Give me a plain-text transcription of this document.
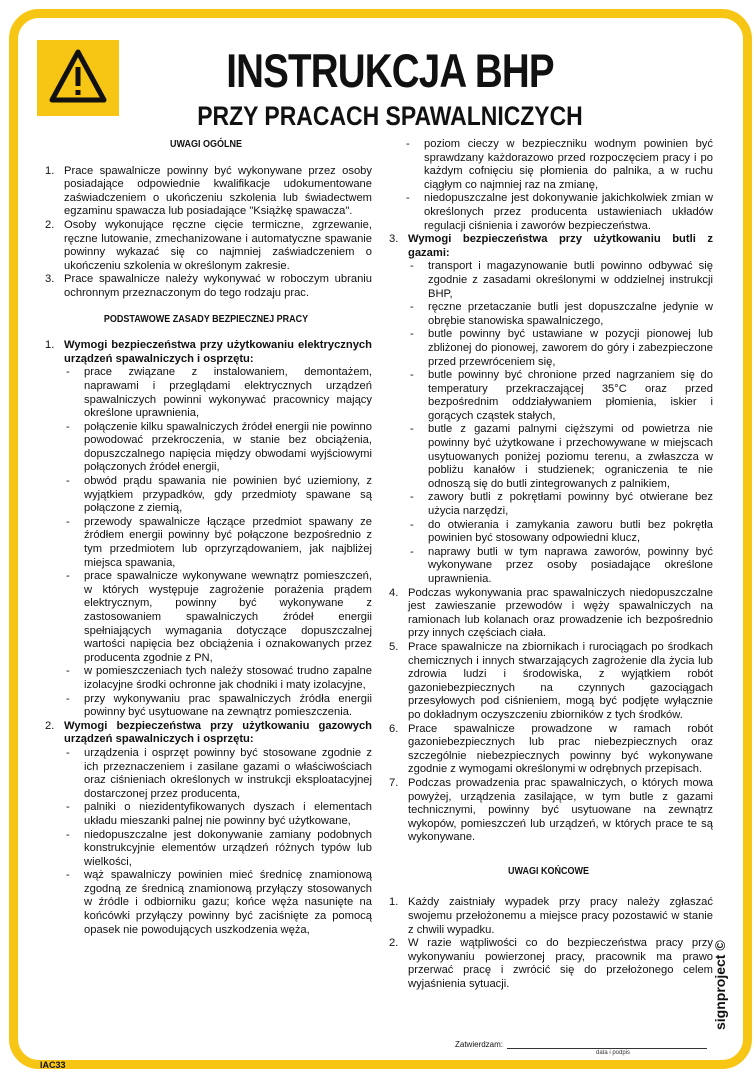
INSTRUKCJA BHP
PRZY PRACACH SPAWALNICZYCH
UWAGI OGÓLNE
1. Prace spawalnicze powinny być wykonywane przez osoby posiadające odpowiednie kwalifikacje udokumentowane zaświadczeniem o ukończeniu szkolenia lub świadectwem egzaminu spawacza lub posiadające "Książkę spawacza".
2. Osoby wykonujące ręczne cięcie termiczne, zgrzewanie, ręczne lutowanie, zmechanizowane i automatyczne spawanie powinny wykazać się co najmniej zaświadczeniem o ukończeniu szkolenia w określonym zakresie.
3. Prace spawalnicze należy wykonywać w roboczym ubraniu ochronnym przeznaczonym do tego rodzaju prac.
PODSTAWOWE ZASADY BEZPIECZNEJ PRACY
1. Wymogi bezpieczeństwa przy użytkowaniu elektrycznych urządzeń spawalniczych i osprzętu:
- prace związane z instalowaniem, demontażem, naprawami i przeglądami elektrycznych urządzeń spawalniczych powinni wykonywać pracownicy mający określone uprawnienia,
- połączenie kilku spawalniczych źródeł energii nie powinno powodować przekroczenia, w stanie bez obciążenia, dopuszczalnego napięcia między obwodami wyjściowymi połączonych źródeł energii,
- obwód prądu spawania nie powinien być uziemiony, z wyjątkiem przypadków, gdy przedmioty spawane są połączone z ziemią,
- przewody spawalnicze łączące przedmiot spawany ze źródłem energii powinny być połączone bezpośrednio z tym przedmiotem lub oprzyrządowaniem, jak najbliżej miejsca spawania,
- prace spawalnicze wykonywane wewnątrz pomieszczeń, w których występuje zagrożenie porażenia prądem elektrycznym, powinny być wykonywane z zastosowaniem spawalniczych źródeł energii spełniających wymagania dotyczące dopuszczalnej wartości napięcia bez obciążenia i oznakowanych przez producenta zgodnie z PN,
- w pomieszczeniach tych należy stosować trudno zapalne izolacyjne środki ochronne jak chodniki i maty izolacyjne,
- przy wykonywaniu prac spawalniczych źródła energii powinny być usytuowane na zewnątrz pomieszczenia.
2. Wymogi bezpieczeństwa przy użytkowaniu gazowych urządzeń spawalniczych i osprzętu:
- urządzenia i osprzęt powinny być stosowane zgodnie z ich przeznaczeniem i zasilane gazami o właściwościach oraz ciśnieniach określonych w instrukcji eksploatacyjnej dostarczonej przez producenta,
- palniki o niezidentyfikowanych dyszach i elementach układu mieszanki palnej nie powinny być użytkowane,
- niedopuszczalne jest dokonywanie zamiany podobnych konstrukcyjnie elementów urządzeń różnych typów lub wielkości,
- wąż spawalniczy powinien mieć średnicę znamionową zgodną ze średnicą znamionową przyłączy stosowanych w źródle i odbiorniku gazu; końce węża nasunięte na końcówki przyłączy powinny być zaciśnięte za pomocą opasek nie powodujących uszkodzenia węża,
-	poziom cieczy w bezpieczniku wodnym powinien być sprawdzany każdorazowo przed rozpoczęciem pracy i po każdym cofnięciu się płomienia do palnika, a w ruchu ciągłym co najmniej raz na zmianę,
-	niedopuszczalne jest dokonywanie jakichkolwiek zmian w określonych przez producenta ustawieniach układów regulacji ciśnienia i zaworów bezpieczeństwa.
3. Wymogi bezpieczeństwa przy użytkowaniu butli z gazami:
- transport i magazynowanie butli powinno odbywać się zgodnie z zasadami określonymi w oddzielnej instrukcji BHP,
- ręczne przetaczanie butli jest dopuszczalne jedynie w obrębie stanowiska spawalniczego,
- butle powinny być ustawiane w pozycji pionowej lub zbliżonej do pionowej, zaworem do góry i zabezpieczone przed przewróceniem się,
- butle powinny być chronione przed nagrzaniem się do temperatury przekraczającej 35°C oraz przed bezpośrednim oddziaływaniem płomienia, iskier i gorących cząstek stałych,
- butle z gazami palnymi cięższymi od powietrza nie powinny być użytkowane i przechowywane w miejscach usytuowanych poniżej poziomu terenu, a zwłaszcza w pobliżu kanałów i studzienek; ograniczenia te nie odnoszą się do butli zintegrowanych z palnikiem,
- zawory butli z pokrętłami powinny być otwierane bez użycia narzędzi,
- do otwierania i zamykania zaworu butli bez pokrętła powinien być stosowany odpowiedni klucz,
- naprawy butli w tym naprawa zaworów, powinny być wykonywane przez osoby posiadające określone uprawnienia.
4. Podczas wykonywania prac spawalniczych niedopuszczalne jest zawieszanie przewodów i węży spawalniczych na ramionach lub kolanach oraz prowadzenie ich bezpośrednio przy innych częściach ciała.
5. Prace spawalnicze na zbiornikach i rurociągach po środkach chemicznych i innych stwarzających zagrożenie dla życia lub zdrowia ludzi i środowiska, z wyjątkiem robót gazoniebezpiecznych na czynnych gazociągach przesyłowych pod ciśnieniem, mogą być podjęte wyłącznie po dokładnym oczyszczeniu zbiorników z tych środków.
6. Prace spawalnicze prowadzone w ramach robót gazoniebezpiecznych lub prac niebezpiecznych oraz szczególnie niebezpiecznych powinny być wykonywane zgodnie z wymogami określonymi w odrębnych przepisach.
7. Podczas prowadzenia prac spawalniczych, o których mowa powyżej, urządzenia zasilające, w tym butle z gazami technicznymi, powinny być usytuowane na zewnątrz wykopów, pomieszczeń lub urządzeń, w których prace te są wykonywane.
UWAGI KOŃCOWE
1. Każdy zaistniały wypadek przy pracy należy zgłaszać swojemu przełożonemu a miejsce pracy pozostawić w stanie z chwili wypadku.
2. W razie wątpliwości co do bezpieczeństwa pracy przy wykonywaniu powierzonej pracy, pracownik ma prawo przerwać pracę i zwrócić się do przełożonego celem wyjaśnienia sytuacji.
Zatwierdzam:
data i podpis
IAC33
signproject ©
